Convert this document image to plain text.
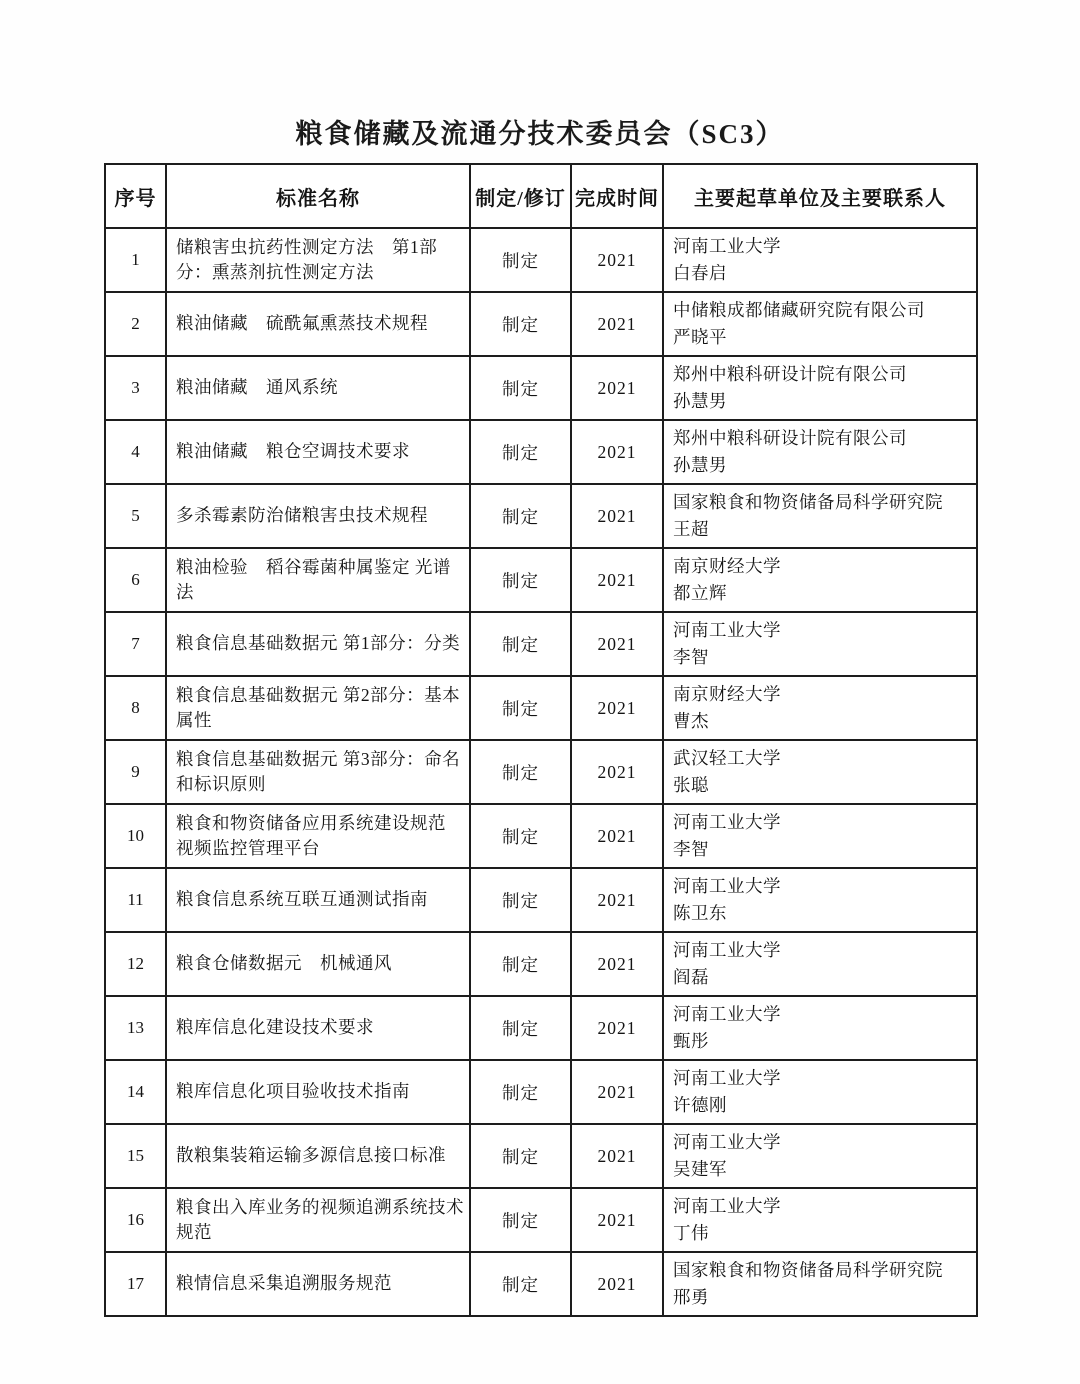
粮食储藏及流通分技术委员会（SC3）
序号	标准名称	制定/修订	完成时间	主要起草单位及主要联系人
1	储粮害虫抗药性测定方法　第1部分：熏蒸剂抗性测定方法	制定	2021	河南工业大学
白春启

2	粮油储藏　硫酰氟熏蒸技术规程	制定	2021	中储粮成都储藏研究院有限公司
严晓平

3	粮油储藏　通风系统	制定	2021	郑州中粮科研设计院有限公司
孙慧男

4	粮油储藏　粮仓空调技术要求	制定	2021	郑州中粮科研设计院有限公司
孙慧男

5	多杀霉素防治储粮害虫技术规程	制定	2021	国家粮食和物资储备局科学研究院
王超

6	粮油检验　稻谷霉菌种属鉴定 光谱法	制定	2021	南京财经大学
都立辉

7	粮食信息基础数据元 第1部分：分类	制定	2021	河南工业大学
李智

8	粮食信息基础数据元 第2部分：基本属性	制定	2021	南京财经大学
曹杰

9	粮食信息基础数据元 第3部分：命名和标识原则	制定	2021	武汉轻工大学
张聪

10	粮食和物资储备应用系统建设规范 视频监控管理平台	制定	2021	河南工业大学
李智

11	粮食信息系统互联互通测试指南	制定	2021	河南工业大学
陈卫东

12	粮食仓储数据元　机械通风	制定	2021	河南工业大学
阎磊

13	粮库信息化建设技术要求	制定	2021	河南工业大学
甄彤

14	粮库信息化项目验收技术指南	制定	2021	河南工业大学
许德刚

15	散粮集装箱运输多源信息接口标准	制定	2021	河南工业大学
吴建军

16	粮食出入库业务的视频追溯系统技术规范	制定	2021	河南工业大学
丁伟

17	粮情信息采集追溯服务规范	制定	2021	国家粮食和物资储备局科学研究院
邢勇
